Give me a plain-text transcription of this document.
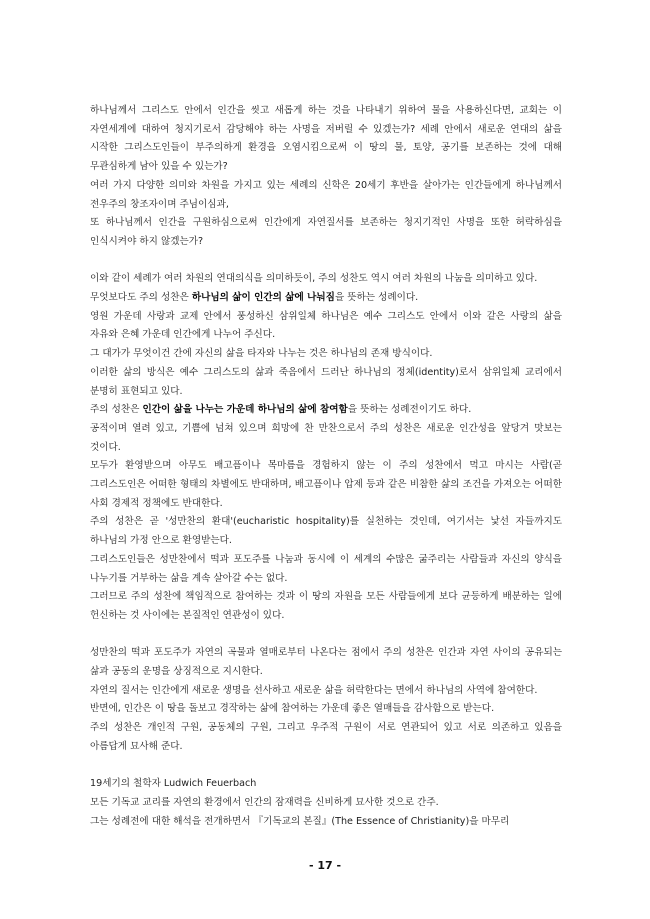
하나님께서 그리스도 안에서 인간을 씻고 새롭게 하는 것을 나타내기 위하여 물을 사용하신다면, 교회는 이 자연세계에 대하여 청지기로서 감당해야 하는 사명을 저버릴 수 있겠는가? 세례 안에서 새로운 연대의 삶을 시작한 그리스도인들이 부주의하게 환경을 오염시킴으로써 이 땅의 물, 토양, 공기를 보존하는 것에 대해 무관심하게 남아 있을 수 있는가?

여러 가지 다양한 의미와 차원을 가지고 있는 세례의 신학은 20세기 후반을 살아가는 인간들에게 하나님께서 전우주의 창조자이며 주님이심과,

또 하나님께서 인간을 구원하심으로써 인간에게 자연질서를 보존하는 청지기적인 사명을 또한 허락하심을 인식시켜야 하지 않겠는가?

이와 같이 세례가 여러 차원의 연대의식을 의미하듯이, 주의 성찬도 역시 여러 차원의 나눔을 의미하고 있다.

무엇보다도 주의 성찬은 하나님의 삶이 인간의 삶에 나눠짐을 뜻하는 성례이다.

영원 가운데 사랑과 교제 안에서 풍성하신 삼위일체 하나님은 예수 그리스도 안에서 이와 같은 사랑의 삶을 자유와 은혜 가운데 인간에게 나누어 주신다.

그 대가가 무엇이건 간에 자신의 삶을 타자와 나누는 것은 하나님의 존재 방식이다.

이러한 삶의 방식은 예수 그리스도의 삶과 죽음에서 드러난 하나님의 정체(identity)로서 삼위일체 교리에서 분명히 표현되고 있다.

주의 성찬은 인간이 삶을 나누는 가운데 하나님의 삶에 참여함을 뜻하는 성례전이기도 하다.

공적이며 열려 있고, 기쁨에 넘쳐 있으며 희망에 찬 만찬으로서 주의 성찬은 새로운 인간성을 앞당겨 맛보는 것이다.

모두가 환영받으며 아무도 배고픔이나 목마름을 경험하지 않는 이 주의 성찬에서 먹고 마시는 사람(곧 그리스도인은 어떠한 형태의 차별에도 반대하며, 배고픔이나 압제 등과 같은 비참한 삶의 조건을 가져오는 어떠한 사회 경제적 정책에도 반대한다.

주의 성찬은 곧 '성만찬의 환대'(eucharistic hospitality)를 실천하는 것인데, 여기서는 낯선 자들까지도 하나님의 가정 안으로 환영받는다.

그리스도인들은 성만찬에서 떡과 포도주를 나눔과 동시에 이 세계의 수많은 굶주리는 사람들과 자신의 양식을 나누기를 거부하는 삶을 계속 살아갈 수는 없다.

그러므로 주의 성찬에 책임적으로 참여하는 것과 이 땅의 자원을 모든 사람들에게 보다 균등하게 배분하는 일에 헌신하는 것 사이에는 본질적인 연관성이 있다.

성만찬의 떡과 포도주가 자연의 곡물과 열매로부터 나온다는 점에서 주의 성찬은 인간과 자연 사이의 공유되는 삶과 공동의 운명을 상징적으로 지시한다.

자연의 질서는 인간에게 새로운 생명을 선사하고 새로운 삶을 허락한다는 면에서 하나님의 사역에 참여한다.

반면에, 인간은 이 땅을 돌보고 경작하는 삶에 참여하는 가운데 좋은 열매들을 감사함으로 받는다.

주의 성찬은 개인적 구원, 공동체의 구원, 그리고 우주적 구원이 서로 연관되어 있고 서로 의존하고 있음을 아름답게 묘사해 준다.

19세기의 철학자 Ludwich Feuerbach

모든 기독교 교리를 자연의 환경에서 인간의 잠재력을 신비하게 묘사한 것으로 간주.

그는 성례전에 대한 해석을 전개하면서 『기독교의 본질』(The Essence of Christianity)을 마무리

- 17 -
